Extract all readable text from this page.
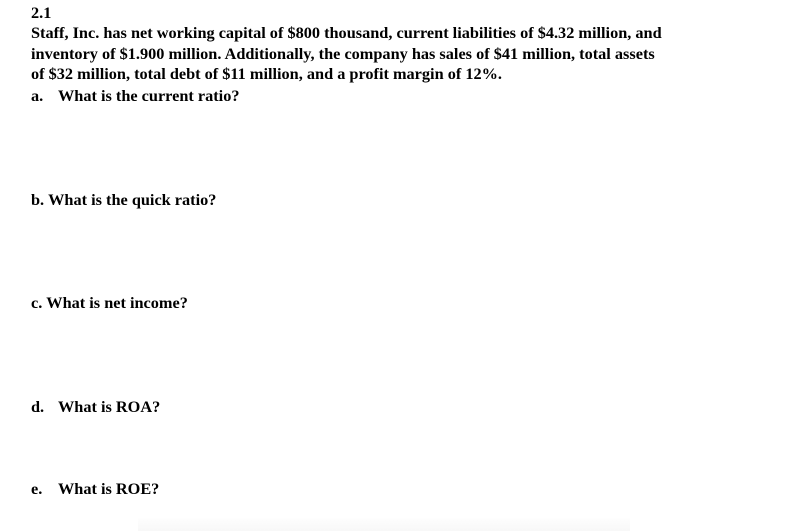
2.1
Staff, Inc. has net working capital of $800 thousand, current liabilities of $4.32 million, and
inventory of $1.900 million. Additionally, the company has sales of $41 million, total assets
of $32 million, total debt of $11 million, and a profit margin of 12%.
a. What is the current ratio?
b. What is the quick ratio?
c. What is net income?
d. What is ROA?
e. What is ROE?
